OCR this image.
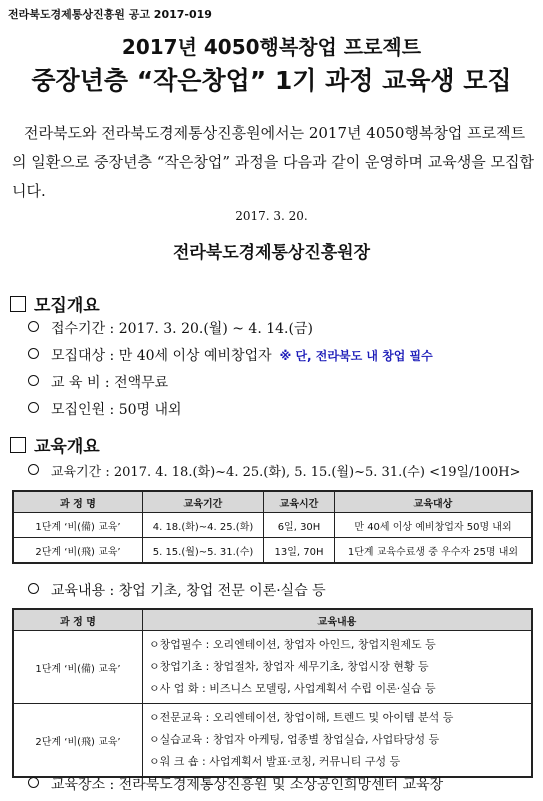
전라북도경제통상진흥원 공고 2017-019
2017년 4050행복창업 프로젝트
중장년층 “작은창업” 1기 과정 교육생 모집
전라북도와 전라북도경제통상진흥원에서는 2017년 4050행복창업 프로젝트의 일환으로 중장년층 “작은창업” 과정을 다음과 같이 운영하며 교육생을 모집합니다.
2017. 3. 20.
전라북도경제통상진흥원장
모집개요
접수기간 : 2017. 3. 20.(월) ~ 4. 14.(금)
모집대상 : 만 40세 이상 예비창업자 ※ 단, 전라북도 내 창업 필수
교 육 비 : 전액무료
모집인원 : 50명 내외
교육개요
교육기간 : 2017. 4. 18.(화)~4. 25.(화), 5. 15.(월)~5. 31.(수) <19일/100H>
과 정 명	교육기간	교육시간	교육대상
1단계 ‘비(備) 교육’	4. 18.(화)~4. 25.(화)	6일, 30H	만 40세 이상 예비창업자 50명 내외
2단계 ‘비(飛) 교육’	5. 15.(월)~5. 31.(수)	13일, 70H	1단계 교육수료생 중 우수자 25명 내외
교육내용 : 창업 기초, 창업 전문 이론·실습 등
과 정 명	교육내용
1단계 ‘비(備) 교육’	ㅇ창업필수 : 오리엔테이션, 창업자 아인드, 창업지원제도 등
ㅇ창업기초 : 창업절차, 창업자 세무기초, 창업시장 현황 등
ㅇ사 업 화 : 비즈니스 모델링, 사업계획서 수립 이론·실습 등

2단계 ‘비(飛) 교육’	ㅇ전문교육 : 오리엔테이션, 창업이해, 트렌드 및 아이템 분석 등
ㅇ실습교육 : 창업자 아케팅, 업종별 창업실습, 사업타당성 등
ㅇ워 크 숍 : 사업계획서 발표·코칭, 커뮤니티 구성 등
교육장소 : 전라북도경제통상진흥원 및 소상공인희망센터 교육장
